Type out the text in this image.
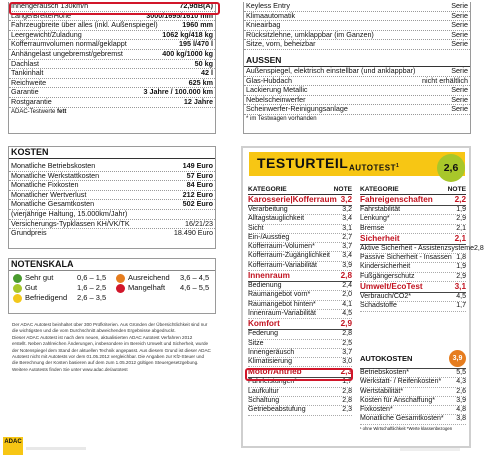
Innengeräusch 130km/h	72,9dB(A)
Länge/Breite/Höhe	3000/1695/1610 mm
Fahrzeugbreite über alles (inkl. Außenspiegel)	1960 mm
Leergewicht/Zuladung	1062 kg/418 kg
Kofferraumvolumen normal/geklappt	195 l/470 l
Anhängelast ungebremst/gebremst	400 kg/1000 kg
Dachlast	50 kg
Tankinhalt	42 l
Reichweite	625 km
Garantie	3 Jahre / 100.000 km
Rostgarantie	12 Jahre
ADAC-Testwerte fett
Keyless Entry	Serie
Klimaautomatik	Serie
Knieairbag	Serie
Rücksitzlehne, umklappbar (im Ganzen)	Serie
Sitze, vorn, beheizbar	Serie
AUSSEN
Außenspiegel, elektrisch einstellbar (und anklappbar)	Serie
Glas-Hubdach	nicht erhältlich
Lackierung Metallic	Serie
Nebelscheinwerfer	Serie
Scheinwerfer-Reinigungsanlage	Serie
* im Testwagen vorhanden
KOSTEN
Monatliche Betriebskosten	149 Euro
Monatliche Werkstattkosten	57 Euro
Monatliche Fixkosten	84 Euro
Monatlicher Wertverlust	212 Euro
Monatliche Gesamtkosten	502 Euro
(vierjährige Haltung, 15.000km/Jahr)
Versicherungs-Typklassen KH/VK/TK	16/21/23
Grundpreis	18.490 Euro
NOTENSKALA
Sehr gut	0,6 – 1,5
Gut	1,6 – 2,5
Befriedigend	2,6 – 3,5
Ausreichend	3,6 – 4,5
Mangelhaft	4,6 – 5,5
Der ADAC Autotest beinhaltet über 300 Prüfkriterien. Aus Gründen der Übersichtlichkeit sind nur
die wichtigsten und die vom Durchschnitt abweichenden Ergebnisse abgedruckt.
Dieser ADAC Autotest ist nach dem neuen, aktualisierten ADAC Autotest Verfahren 2012
erstellt. Neben zahlreichen Änderungen, insbesondere im Bereich Umwelt und Sicherheit, wurde
der Notenspiegel dem Stand der aktuellen Technik angepasst. Aus diesem Grund ist dieser ADAC
Autotest nicht mit Autotests vor dem 01.05.2012 vergleichbar. Die Angaben zur Kfz-Steuer und
die Berechnung der Kosten basieren auf dem zum 1.05.2012 gültigen Steuergesetzgebung.
Weitere Autotests finden Sie unter www.adac.de/autotest
TESTURTEIL AUTOTEST$^1$	2,6
KATEGORIE	NOTE
Karosserie|Kofferraum 3,2
Verarbeitung	3,2
Alltagstauglichkeit	3,4
Sicht	3,1
Ein-/Ausstieg	2,7
Kofferraum-Volumen*	3,7
Kofferraum-Zugänglichkeit 3,4
Kofferraum-Variabilität	3,9
Innenraum	2,8
Bedienung	2,4
Raumangebot vorn*	2,0
Raumangebot hinten*	4,1
Innenraum-Variabilität	4,5
Komfort	2,9
Federung	2,8
Sitze	2,5
Innengeräusch	3,7
Klimatisierung	3,0
Motor/Antrieb	2,3
Fahrleistungen*	1,7
Laufkultur	2,8
Schaltung	2,8
Getriebeabstufung	2,3
KATEGORIE	NOTE
Fahreigenschaften	2,2
Fahrstabilität	1,9
Lenkung*	2,9
Bremse	2,1
Sicherheit	2,1
Aktive Sicherheit - Assistenzsysteme 2,8
Passive Sicherheit - Insassen 1,8
Kindersicherheit	1,9
Fußgängerschutz	2,9
Umwelt/EcoTest	3,1
Verbrauch/CO2*	4,5
Schadstoffe	1,7
AUTOKOSTEN	3,9
Betriebskosten*	5,5
Werkstatt- / Reifenkosten* 4,3
Wertstabilität*	2,6
Kosten für Anschaffung*	3,9
Fixkosten*	4,8
Monatliche Gesamtkosten* 3,8
¹ ohne Wirtschaftlichkeit *Werte klassenbezogen
ADAC
